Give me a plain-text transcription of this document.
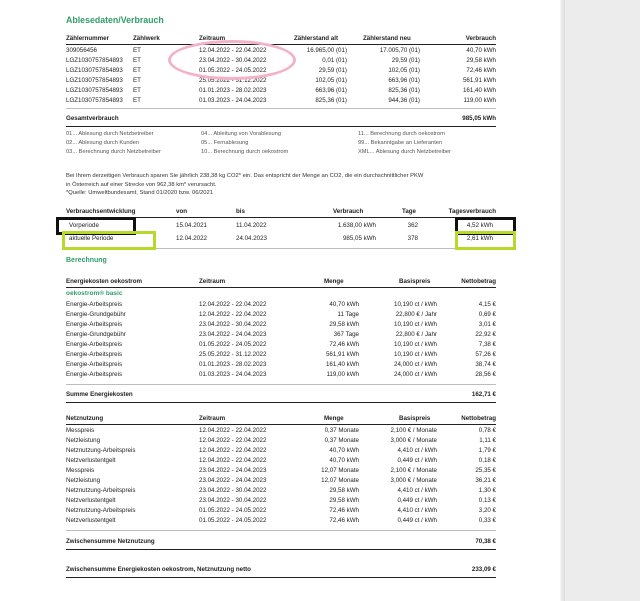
Ablesedaten/Verbrauch
Zählernummer	Zählwerk	Zeitraum	Zählerstand alt	Zählerstand neu	Verbrauch
309056456	ET	12.04.2022 - 22.04.2022	16.965,00 (01)	17.005,70 (01)	40,70 kWh
LGZ1030757854893 ET	23.04.2022 - 30.04.2022	0,01 (01)	29,59 (01)	29,58 kWh
LGZ1030757854893 ET	01.05.2022 - 24.05.2022	29,59 (01)	102,05 (01)	72,46 kWh
LGZ1030757854893 ET	25.05.2022 - 31.12.2022	102,05 (01)	663,96 (01)	561,91 kWh
LGZ1030757854893 ET	01.01.2023 - 28.02.2023	663,96 (01)	825,36 (01)	161,40 kWh
LGZ1030757854893 ET	01.03.2023 - 24.04.2023	825,36 (01)	944,36 (01)	119,00 kWh
Gesamtverbrauch	985,05 kWh
01... Ablesung durch Netzbetreiber	04... Ableitung von Vorablesung	11... Berechnung durch oekostrom
02... Ablesung durch Kunden	05... Fernablesung	99... Bekanntgabe an Lieferanten
03... Berechnung durch Netzbetreiber	10... Berechnung durch oekostrom	XML... Ablesung durch Netzbetreiber
Bei Ihrem derzeitigen Verbrauch sparen Sie jährlich 238,38 kg CO2* ein. Das entspricht der Menge an CO2, die ein durchschnittlicher PKW
in Österreich auf einer Strecke von 962,38 km* verursacht.
*Quelle: Umweltbundesamt, Stand 01/2020 bzw. 06/2021
Verbrauchsentwicklung	von	bis	Verbrauch	Tage	Tagesverbrauch
Vorperiode	15.04.2021	11.04.2022	1.638,00 kWh	362	4,52 kWh
aktuelle Periode	12.04.2022	24.04.2023	985,05 kWh	378	2,61 kWh
Berechnung
Energiekosten oekostrom	Zeitraum	Menge	Basispreis	Nettobetrag
oekostrom® basic
Energie-Arbeitspreis	12.04.2022 - 22.04.2022	40,70 kWh	10,190 ct / kWh	4,15 €
Energie-Grundgebühr	12.04.2022 - 22.04.2022	11 Tage	22,800 € / Jahr	0,69 €
Energie-Arbeitspreis	23.04.2022 - 30.04.2022	29,58 kWh	10,190 ct / kWh	3,01 €
Energie-Grundgebühr	23.04.2022 - 24.04.2023	367 Tage	22,800 € / Jahr	22,92 €
Energie-Arbeitspreis	01.05.2022 - 24.05.2022	72,46 kWh	10,190 ct / kWh	7,38 €
Energie-Arbeitspreis	25.05.2022 - 31.12.2022	561,91 kWh	10,190 ct / kWh	57,26 €
Energie-Arbeitspreis	01.01.2023 - 28.02.2023	161,40 kWh	24,000 ct / kWh	38,74 €
Energie-Arbeitspreis	01.03.2023 - 24.04.2023	119,00 kWh	24,000 ct / kWh	28,56 €
Summe Energiekosten	162,71 €
Netznutzung	Zeitraum	Menge	Basispreis	Nettobetrag
Messpreis	12.04.2022 - 22.04.2022	0,37 Monate	2,100 € / Monate	0,78 €
Netzleistung	12.04.2022 - 22.04.2022	0,37 Monate	3,000 € / Monate	1,11 €
Netznutzung-Arbeitspreis	12.04.2022 - 22.04.2022	40,70 kWh	4,410 ct / kWh	1,79 €
Netzverlustentgelt	12.04.2022 - 22.04.2022	40,70 kWh	0,449 ct / kWh	0,18 €
Messpreis	23.04.2022 - 24.04.2023	12,07 Monate	2,100 € / Monate	25,35 €
Netzleistung	23.04.2022 - 24.04.2023	12,07 Monate	3,000 € / Monate	36,21 €
Netznutzung-Arbeitspreis	23.04.2022 - 30.04.2022	29,58 kWh	4,410 ct / kWh	1,30 €
Netzverlustentgelt	23.04.2022 - 30.04.2022	29,58 kWh	0,449 ct / kWh	0,13 €
Netznutzung-Arbeitspreis	01.05.2022 - 24.05.2022	72,46 kWh	4,410 ct / kWh	3,20 €
Netzverlustentgelt	01.05.2022 - 24.05.2022	72,46 kWh	0,449 ct / kWh	0,33 €
Zwischensumme Netznutzung	70,38 €
Zwischensumme Energiekosten oekostrom, Netznutzung netto	233,09 €
